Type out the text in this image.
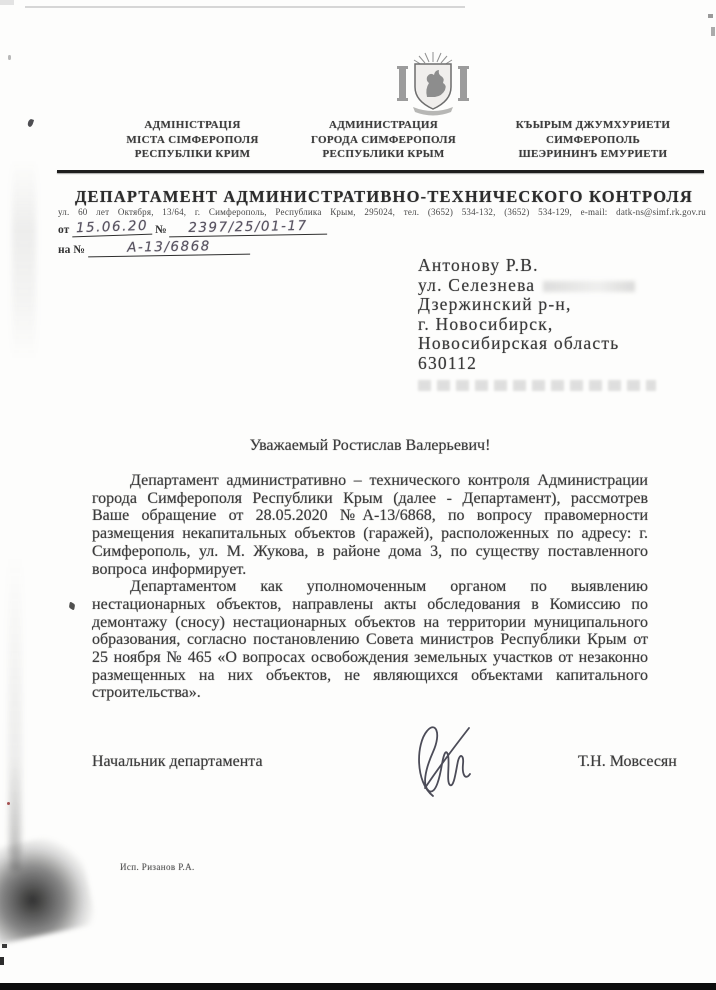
АДМІНІСТРАЦІЯ
МІСТА СІМФЕРОПОЛЯ
РЕСПУБЛІКИ КРИМ
АДМИНИСТРАЦИЯ
ГОРОДА СИМФЕРОПОЛЯ
РЕСПУБЛИКИ КРЫМ
КЪЫРЫМ ДЖУМХУРИЕТИ
СИМФЕРОПОЛЬ
ШЕЭРИНИНЪ ЕМУРИЕТИ
ДЕПАРТАМЕНТ АДМИНИСТРАТИВНО-ТЕХНИЧЕСКОГО КОНТРОЛЯ
ул. 60 лет Октября, 13/64, г. Симферополь, Республика Крым, 295024, тел. (3652) 534-132, (3652) 534-129, e-mail: datk-ns@simf.rk.gov.ru
от 15.06.20 № 2397/25/01-17
на №	А-13/6868
Антонову Р.В.
ул. Селезнева
Дзержинский р-н,
г. Новосибирск,
Новосибирская область
630112
Уважаемый Ростислав Валерьевич!

Департамент административно – технического контроля Администрации города Симферополя Республики Крым (далее - Департамент), рассмотрев Ваше обращение от 28.05.2020 №А-13/6868, по вопросу правомерности размещения некапитальных объектов (гаражей), расположенных по адресу: г. Симферополь, ул. М. Жукова, в районе дома 3, по существу поставленного вопроса информирует.

Департаментом как уполномоченным органом по выявлению нестационарных объектов, направлены акты обследования в Комиссию по демонтажу (сносу) нестационарных объектов на территории муниципального образования, согласно постановлению Совета министров Республики Крым от 25 ноября № 465 «О вопросах освобождения земельных участков от незаконно размещенных на них объектов, не являющихся объектами капитального строительства».

Начальник департамента	Т.Н. Мовсесян
Исп. Ризанов Р.А.
